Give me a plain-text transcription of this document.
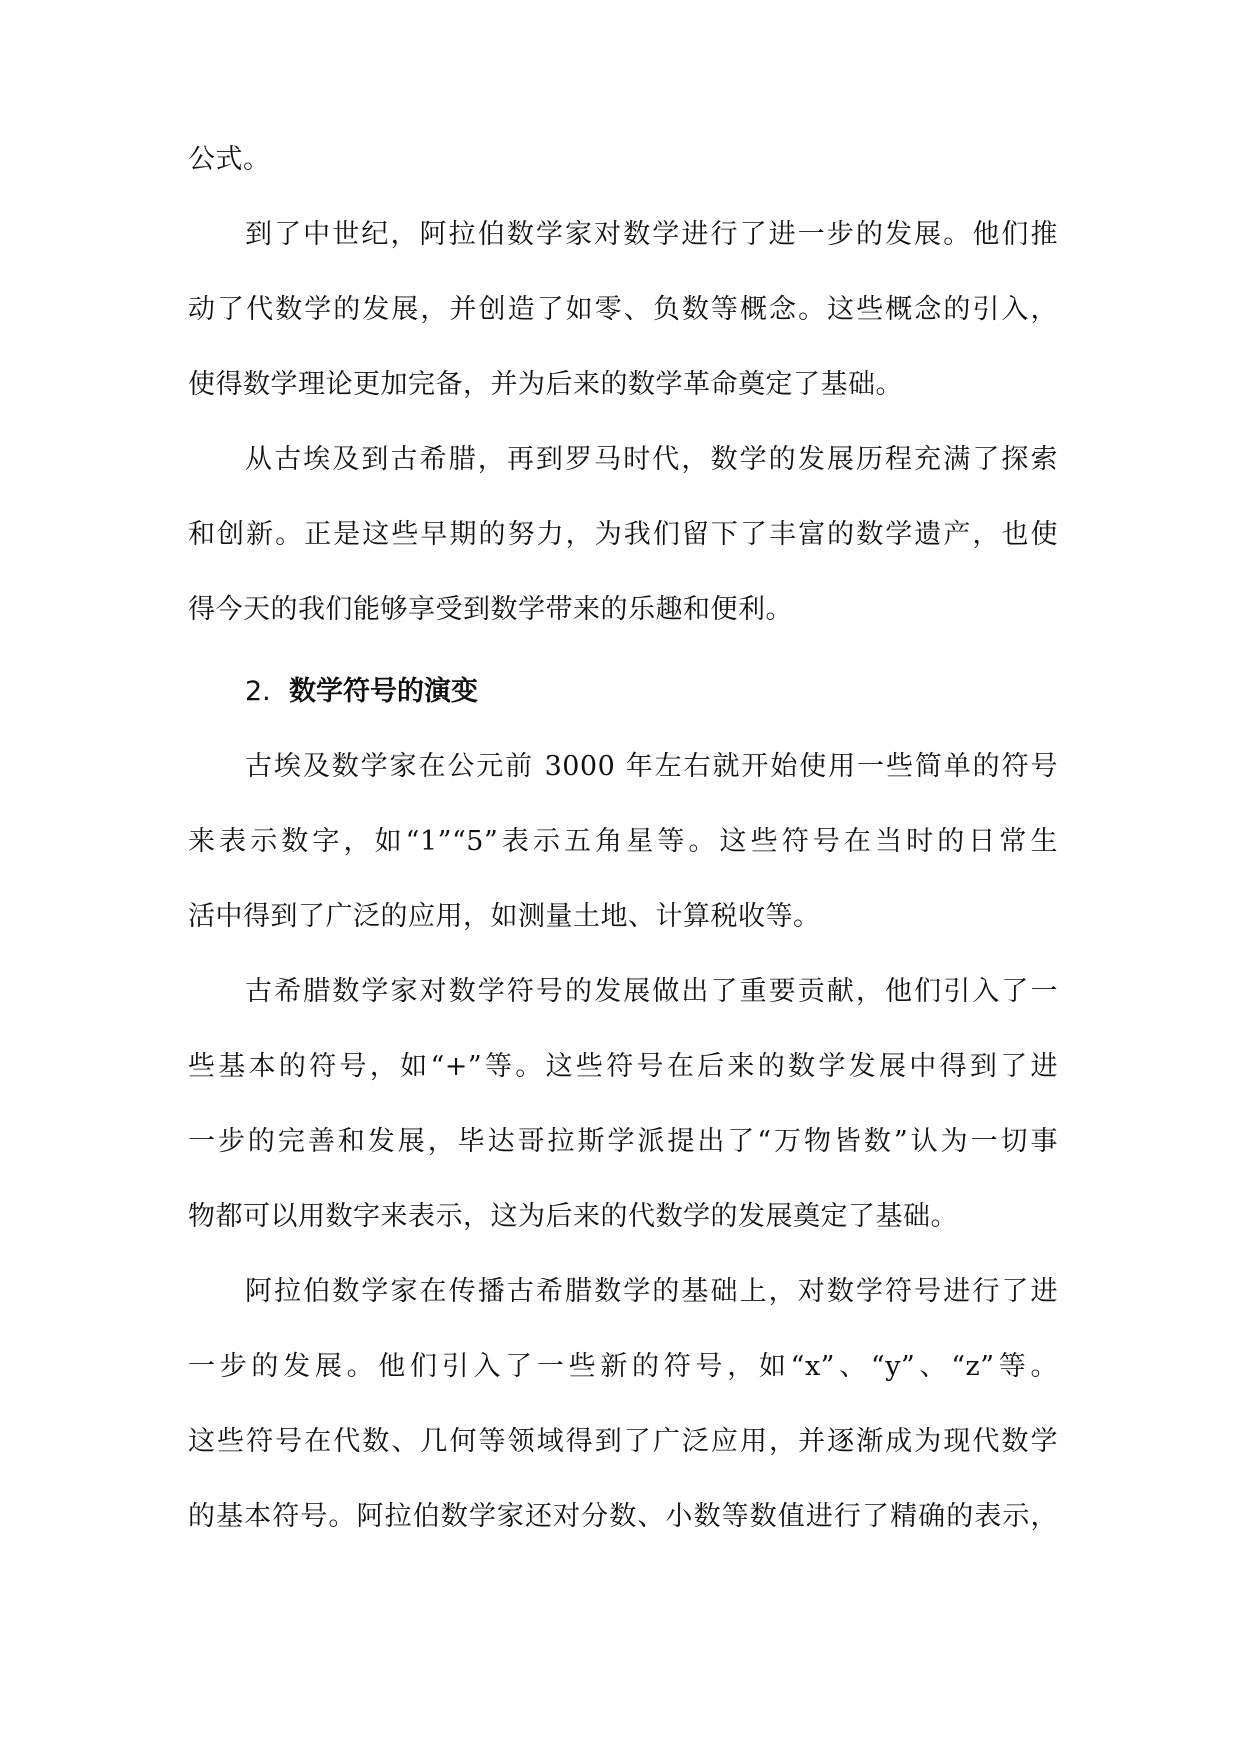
公式。
到了中世纪，阿拉伯数学家对数学进行了进一步的发展。他们推
动了代数学的发展，并创造了如零、负数等概念。这些概念的引入，
使得数学理论更加完备，并为后来的数学革命奠定了基础。
从古埃及到古希腊，再到罗马时代，数学的发展历程充满了探索
和创新。正是这些早期的努力，为我们留下了丰富的数学遗产，也使
得今天的我们能够享受到数学带来的乐趣和便利。
2. 数学符号的演变
古埃及数学家在公元前 3000 年左右就开始使用一些简单的符号
来表示数字，如“1”“5”表示五角星等。这些符号在当时的日常生
活中得到了广泛的应用，如测量土地、计算税收等。
古希腊数学家对数学符号的发展做出了重要贡献，他们引入了一
些基本的符号，如“+”等。这些符号在后来的数学发展中得到了进
一步的完善和发展，毕达哥拉斯学派提出了“万物皆数”认为一切事
物都可以用数字来表示，这为后来的代数学的发展奠定了基础。
阿拉伯数学家在传播古希腊数学的基础上，对数学符号进行了进
一步的发展。他们引入了一些新的符号，如“x”、“y”、“z”等。
这些符号在代数、几何等领域得到了广泛应用，并逐渐成为现代数学
的基本符号。阿拉伯数学家还对分数、小数等数值进行了精确的表示，
